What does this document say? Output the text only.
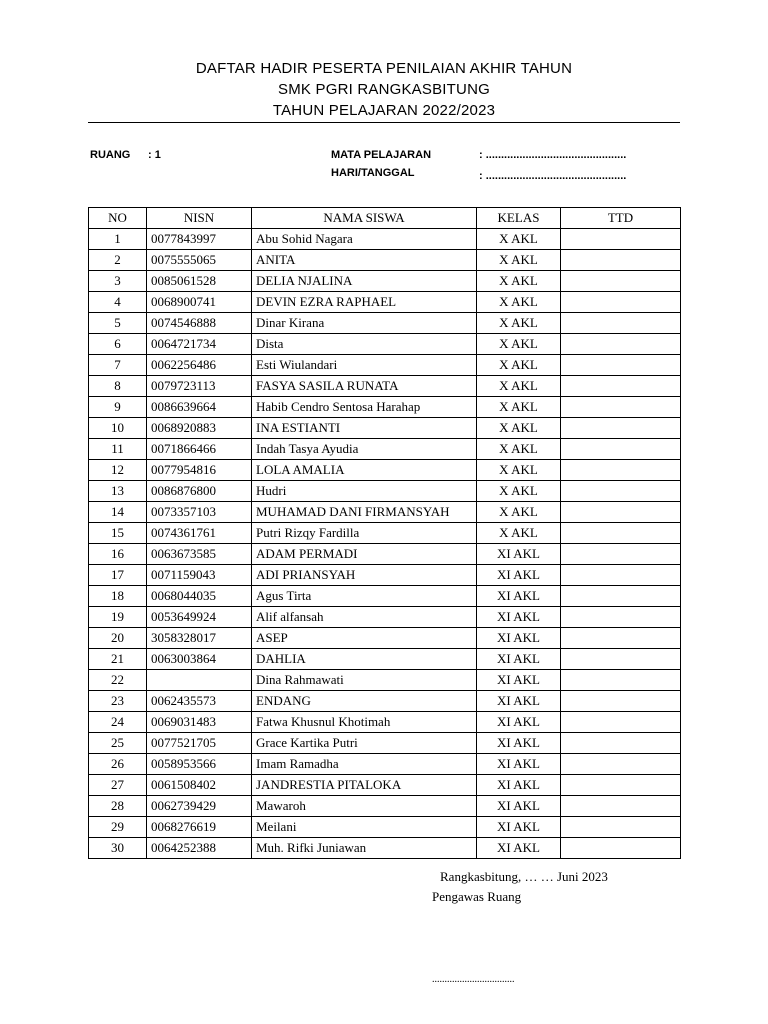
DAFTAR HADIR PESERTA PENILAIAN AKHIR TAHUN
SMK PGRI RANGKASBITUNG
TAHUN PELAJARAN 2022/2023
RUANG : 1	MATA PELAJARAN	: ..............................................
HARI/TANGGAL	: ..............................................
NO	NISN	NAMA SISWA	KELAS	TTD
1	0077843997	Abu Sohid Nagara	X AKL	
2	0075555065	ANITA	X AKL	
3	0085061528	DELIA NJALINA	X AKL	
4	0068900741	DEVIN EZRA RAPHAEL	X AKL	
5	0074546888	Dinar Kirana	X AKL	
6	0064721734	Dista	X AKL	
7	0062256486	Esti Wiulandari	X AKL	
8	0079723113	FASYA SASILA RUNATA	X AKL	
9	0086639664	Habib Cendro Sentosa Harahap	X AKL	
10	0068920883	INA ESTIANTI	X AKL	
11	0071866466	Indah Tasya Ayudia	X AKL	
12	0077954816	LOLA AMALIA	X AKL	
13	0086876800	Hudri	X AKL	
14	0073357103	MUHAMAD DANI FIRMANSYAH	X AKL	
15	0074361761	Putri Rizqy Fardilla	X AKL	
16	0063673585	ADAM PERMADI	XI AKL	
17	0071159043	ADI PRIANSYAH	XI AKL	
18	0068044035	Agus Tirta	XI AKL	
19	0053649924	Alif alfansah	XI AKL	
20	3058328017	ASEP	XI AKL	
21	0063003864	DAHLIA	XI AKL	
22		Dina Rahmawati	XI AKL	
23	0062435573	ENDANG	XI AKL	
24	0069031483	Fatwa Khusnul Khotimah	XI AKL	
25	0077521705	Grace Kartika Putri	XI AKL	
26	0058953566	Imam Ramadha	XI AKL	
27	0061508402	JANDRESTIA PITALOKA	XI AKL	
28	0062739429	Mawaroh	XI AKL	
29	0068276619	Meilani	XI AKL	
30	0064252388	Muh. Rifki Juniawan	XI AKL	
Rangkasbitung, … … Juni 2023
Pengawas Ruang
.................................
